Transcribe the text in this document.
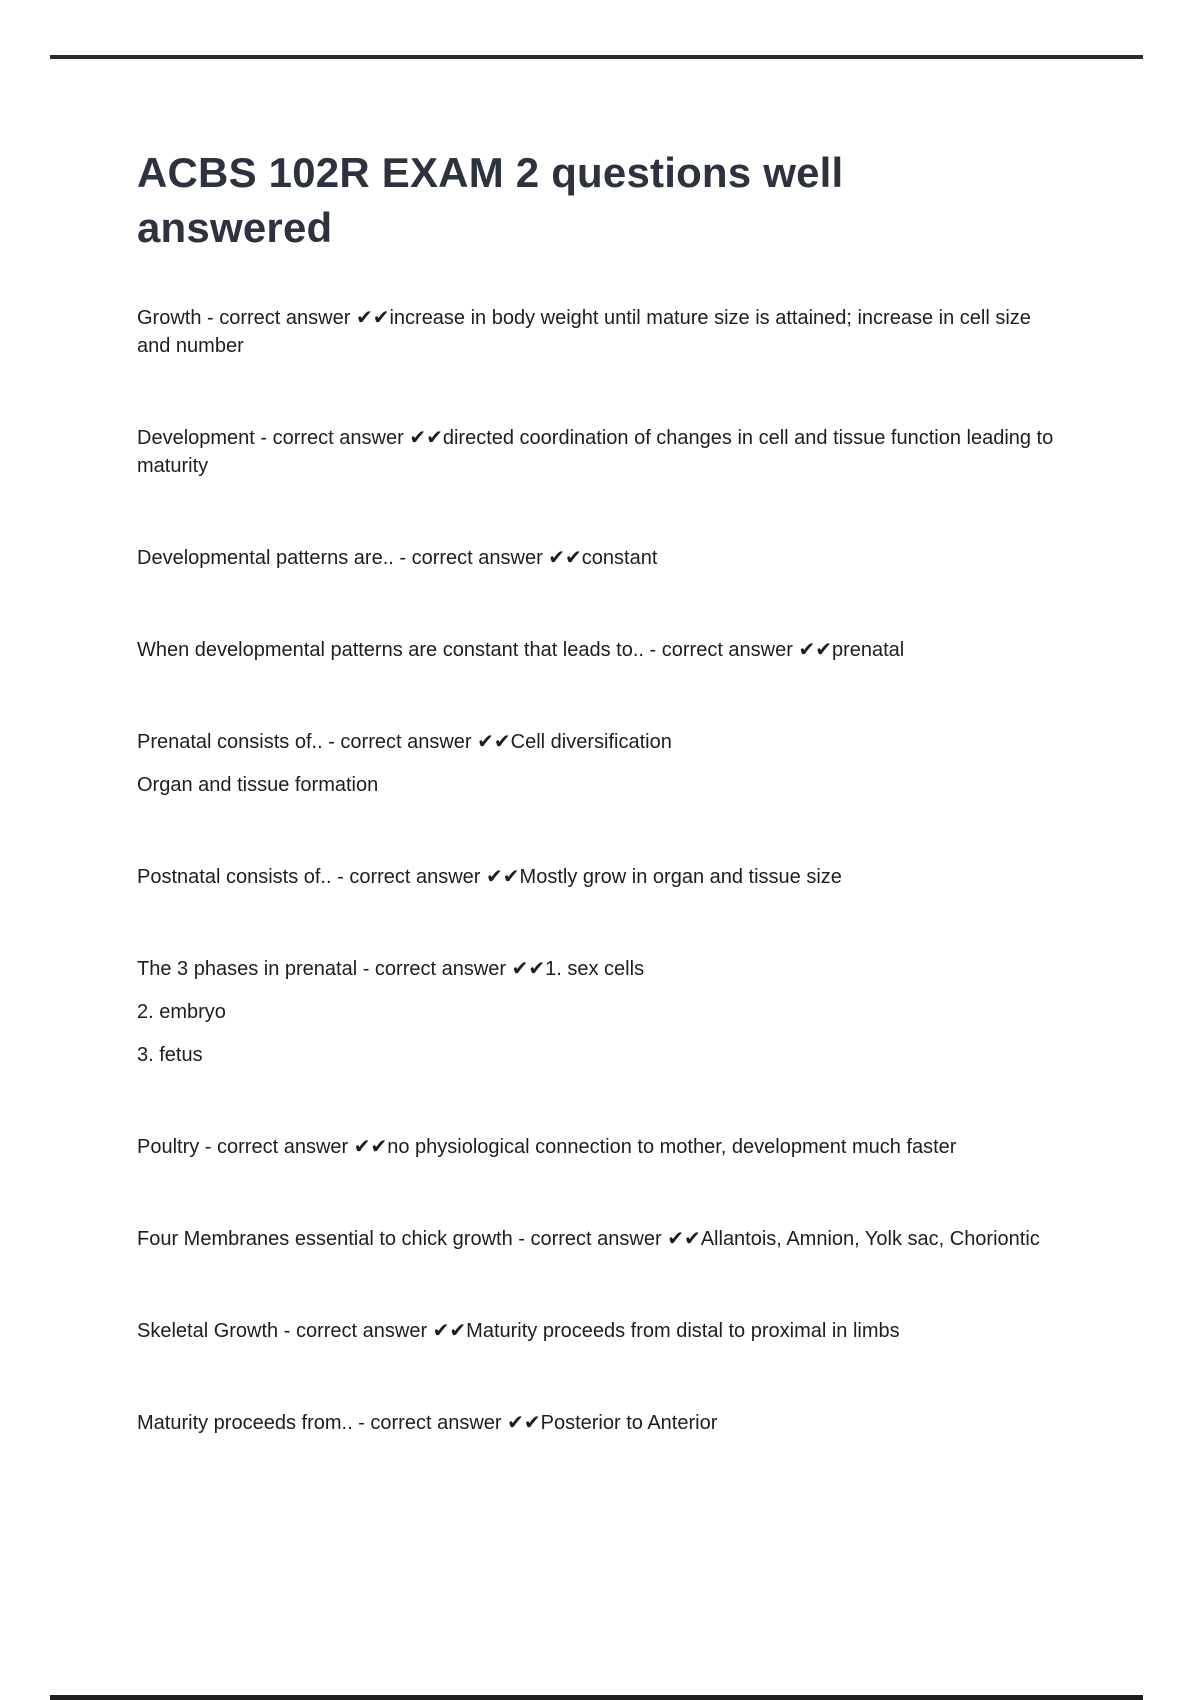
ACBS 102R EXAM 2 questions well answered

Growth - correct answer ✔✔increase in body weight until mature size is attained; increase in cell size and number

Development - correct answer ✔✔directed coordination of changes in cell and tissue function leading to maturity

Developmental patterns are.. - correct answer ✔✔constant

When developmental patterns are constant that leads to.. - correct answer ✔✔prenatal

Prenatal consists of.. - correct answer ✔✔Cell diversification

Organ and tissue formation

Postnatal consists of.. - correct answer ✔✔Mostly grow in organ and tissue size

The 3 phases in prenatal - correct answer ✔✔1. sex cells

2. embryo

3. fetus

Poultry - correct answer ✔✔no physiological connection to mother, development much faster

Four Membranes essential to chick growth - correct answer ✔✔Allantois, Amnion, Yolk sac, Choriontic

Skeletal Growth - correct answer ✔✔Maturity proceeds from distal to proximal in limbs

Maturity proceeds from.. - correct answer ✔✔Posterior to Anterior
